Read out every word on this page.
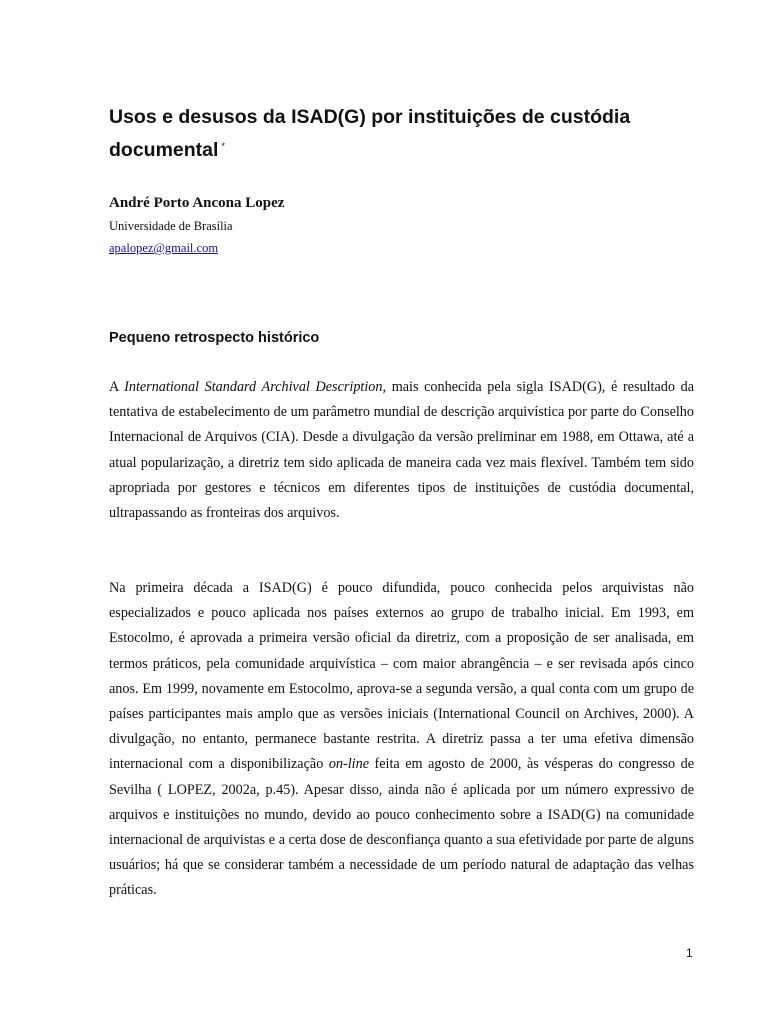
Usos e desusos da ISAD(G) por instituições de custódia documental *
André Porto Ancona Lopez
Universidade de Brasília
apalopez@gmail.com
Pequeno retrospecto histórico

A International Standard Archival Description, mais conhecida pela sigla ISAD(G), é resultado da tentativa de estabelecimento de um parâmetro mundial de descrição arquivística por parte do Conselho Internacional de Arquivos (CIA). Desde a divulgação da versão preliminar em 1988, em Ottawa, até a atual popularização, a diretriz tem sido aplicada de maneira cada vez mais flexível. Também tem sido apropriada por gestores e técnicos em diferentes tipos de instituições de custódia documental, ultrapassando as fronteiras dos arquivos.

Na primeira década a ISAD(G) é pouco difundida, pouco conhecida pelos arquivistas não especializados e pouco aplicada nos países externos ao grupo de trabalho inicial. Em 1993, em Estocolmo, é aprovada a primeira versão oficial da diretriz, com a proposição de ser analisada, em termos práticos, pela comunidade arquivística – com maior abrangência – e ser revisada após cinco anos. Em 1999, novamente em Estocolmo, aprova-se a segunda versão, a qual conta com um grupo de países participantes mais amplo que as versões iniciais (International Council on Archives, 2000). A divulgação, no entanto, permanece bastante restrita. A diretriz passa a ter uma efetiva dimensão internacional com a disponibilização on-line feita em agosto de 2000, às vésperas do congresso de Sevilha ( LOPEZ, 2002a, p.45). Apesar disso, ainda não é aplicada por um número expressivo de arquivos e instituições no mundo, devido ao pouco conhecimento sobre a ISAD(G) na comunidade internacional de arquivistas e a certa dose de desconfiança quanto a sua efetividade por parte de alguns usuários; há que se considerar também a necessidade de um período natural de adaptação das velhas práticas.

1
